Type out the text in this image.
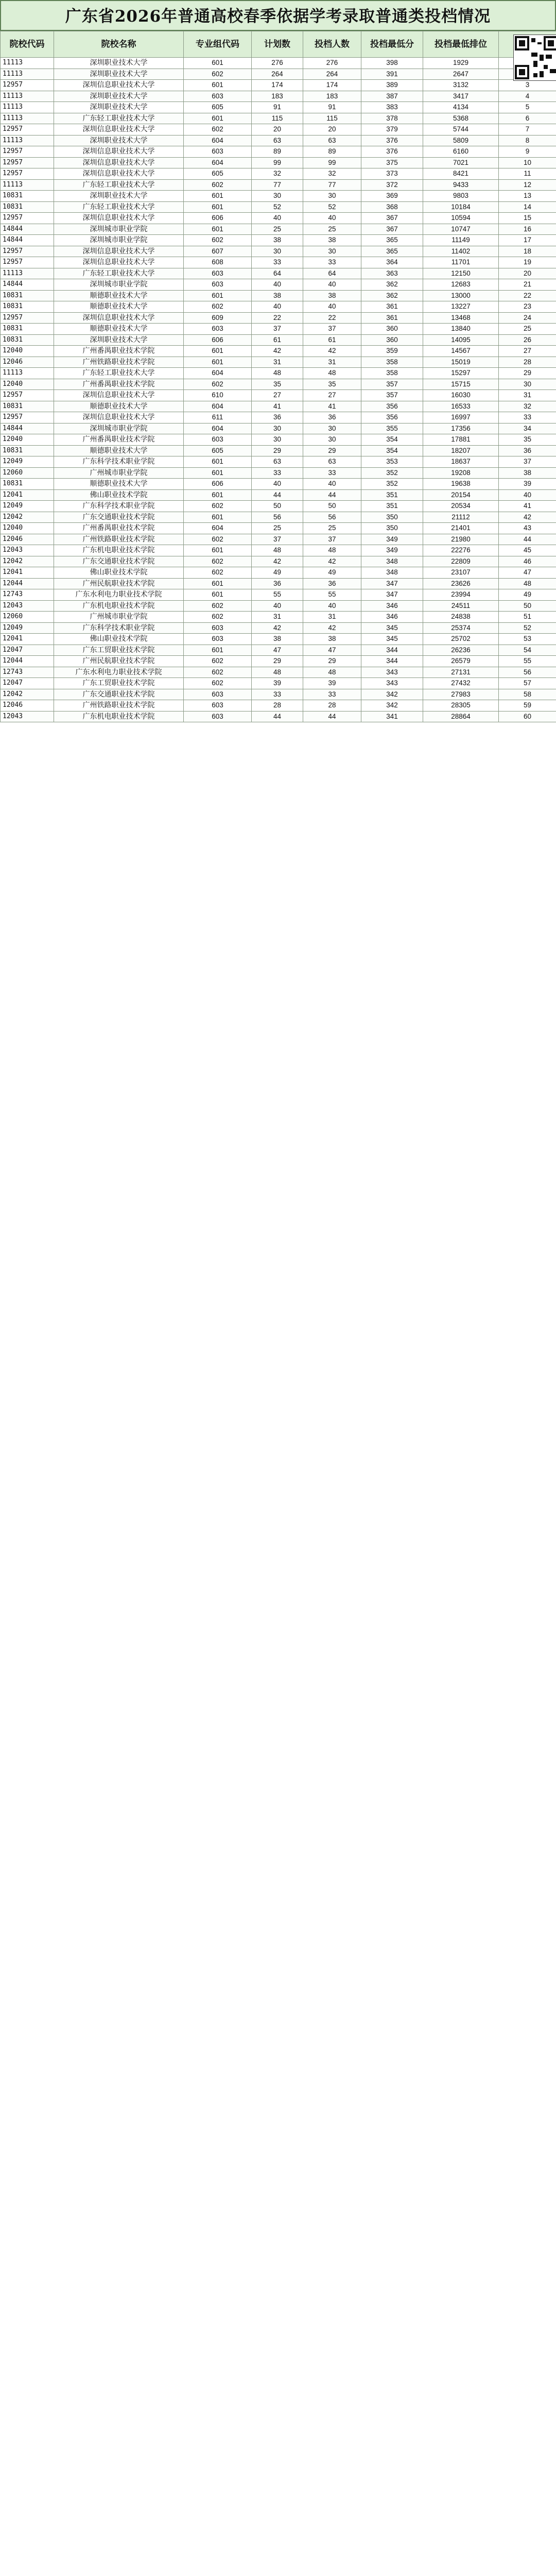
广东省2026年普通高校春季依据学考录取普通类投档情况
院校代码	院校名称	专业组代码	计划数	投档人数	投档最低分	投档最低排位	
11113	深圳职业技术大学	601	276	276	398	1929	
11113	深圳职业技术大学	602	264	264	391	2647	
12957	深圳信息职业技术大学	601	174	174	389	3132	3
11113	深圳职业技术大学	603	183	183	387	3417	4
11113	深圳职业技术大学	605	91	91	383	4134	5
11113	广东轻工职业技术大学	601	115	115	378	5368	6
12957	深圳信息职业技术大学	602	20	20	379	5744	7
11113	深圳职业技术大学	604	63	63	376	5809	8
12957	深圳信息职业技术大学	603	89	89	376	6160	9
12957	深圳信息职业技术大学	604	99	99	375	7021	10
12957	深圳信息职业技术大学	605	32	32	373	8421	11
11113	广东轻工职业技术大学	602	77	77	372	9433	12
10831	深圳职业技术大学	601	30	30	369	9803	13
10831	广东轻工职业技术大学	601	52	52	368	10184	14
12957	深圳信息职业技术大学	606	40	40	367	10594	15
14844	深圳城市职业学院	601	25	25	367	10747	16
14844	深圳城市职业学院	602	38	38	365	11149	17
12957	深圳信息职业技术大学	607	30	30	365	11402	18
12957	深圳信息职业技术大学	608	33	33	364	11701	19
11113	广东轻工职业技术大学	603	64	64	363	12150	20
14844	深圳城市职业学院	603	40	40	362	12683	21
10831	顺德职业技术大学	601	38	38	362	13000	22
10831	顺德职业技术大学	602	40	40	361	13227	23
12957	深圳信息职业技术大学	609	22	22	361	13468	24
10831	顺德职业技术大学	603	37	37	360	13840	25
10831	深圳职业技术大学	606	61	61	360	14095	26
12040	广州番禺职业技术学院	601	42	42	359	14567	27
12046	广州铁路职业技术学院	601	31	31	358	15019	28
11113	广东轻工职业技术大学	604	48	48	358	15297	29
12040	广州番禺职业技术学院	602	35	35	357	15715	30
12957	深圳信息职业技术大学	610	27	27	357	16030	31
10831	顺德职业技术大学	604	41	41	356	16533	32
12957	深圳信息职业技术大学	611	36	36	356	16997	33
14844	深圳城市职业学院	604	30	30	355	17356	34
12040	广州番禺职业技术学院	603	30	30	354	17881	35
10831	顺德职业技术大学	605	29	29	354	18207	36
12049	广东科学技术职业学院	601	63	63	353	18637	37
12060	广州城市职业学院	601	33	33	352	19208	38
10831	顺德职业技术大学	606	40	40	352	19638	39
12041	佛山职业技术学院	601	44	44	351	20154	40
12049	广东科学技术职业学院	602	50	50	351	20534	41
12042	广东交通职业技术学院	601	56	56	350	21112	42
12040	广州番禺职业技术学院	604	25	25	350	21401	43
12046	广州铁路职业技术学院	602	37	37	349	21980	44
12043	广东机电职业技术学院	601	48	48	349	22276	45
12042	广东交通职业技术学院	602	42	42	348	22809	46
12041	佛山职业技术学院	602	49	49	348	23107	47
12044	广州民航职业技术学院	601	36	36	347	23626	48
12743	广东水利电力职业技术学院	601	55	55	347	23994	49
12043	广东机电职业技术学院	602	40	40	346	24511	50
12060	广州城市职业学院	602	31	31	346	24838	51
12049	广东科学技术职业学院	603	42	42	345	25374	52
12041	佛山职业技术学院	603	38	38	345	25702	53
12047	广东工贸职业技术学院	601	47	47	344	26236	54
12044	广州民航职业技术学院	602	29	29	344	26579	55
12743	广东水利电力职业技术学院	602	48	48	343	27131	56
12047	广东工贸职业技术学院	602	39	39	343	27432	57
12042	广东交通职业技术学院	603	33	33	342	27983	58
12046	广州铁路职业技术学院	603	28	28	342	28305	59
12043	广东机电职业技术学院	603	44	44	341	28864	60
